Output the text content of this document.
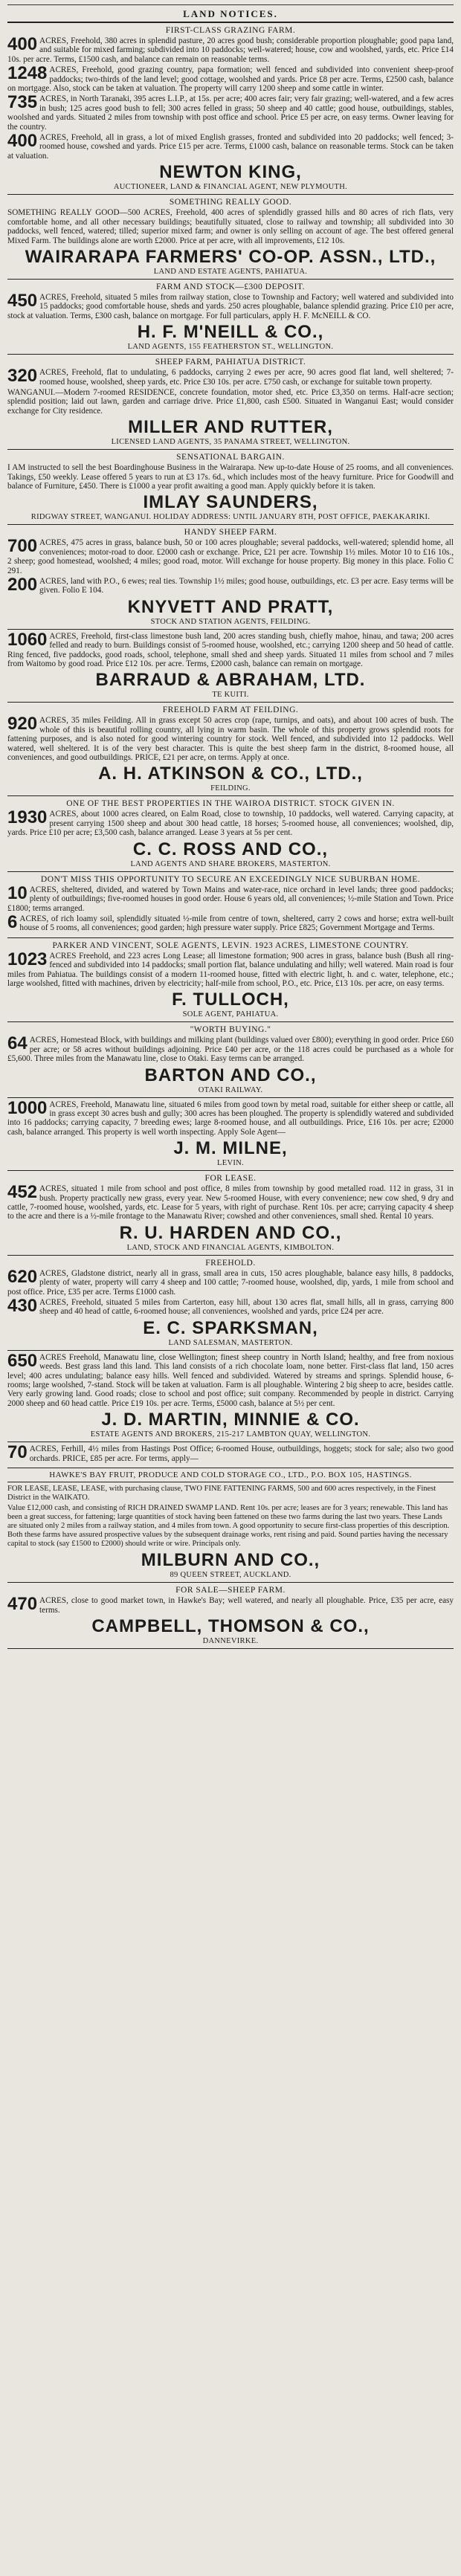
LAND NOTICES.
FIRST-CLASS GRAZING FARM.

400 ACRES, Freehold, 380 acres in splendid pasture, 20 acres good bush; considerable proportion ploughable; good papa land, and suitable for mixed farming; subdivided into 10 paddocks; well-watered; house, cow and woolshed, yards, etc. Price £14 10s. per acre. Terms, £1500 cash, and balance can remain on reasonable terms.

1248 ACRES, Freehold, good grazing country, papa formation; well fenced and subdivided into convenient sheep-proof paddocks; two-thirds of the land level; good cottage, woolshed and yards. Price £8 per acre. Terms, £2500 cash, balance on mortgage. Also, stock can be taken at valuation. The property will carry 1200 sheep and some cattle in winter.

735 ACRES, in North Taranaki, 395 acres L.I.P., at 15s. per acre; 400 acres fair; very fair grazing; well-watered, and a few acres in bush; 125 acres good bush to fell; 300 acres felled in grass; 50 sheep and 40 cattle; good house, outbuildings, stables, woolshed and yards. Situated 2 miles from township with post office and school. Price £5 per acre, on easy terms. Owner leaving for the country.

400 ACRES, Freehold, all in grass, a lot of mixed English grasses, fronted and subdivided into 20 paddocks; well fenced; 3-roomed house, cowshed and yards. Price £15 per acre. Terms, £1000 cash, balance on reasonable terms. Stock can be taken at valuation.

NEWTON KING,

AUCTIONEER, LAND & FINANCIAL AGENT, NEW PLYMOUTH.

SOMETHING REALLY GOOD.

SOMETHING REALLY GOOD—500 ACRES, Freehold, 400 acres of splendidly grassed hills and 80 acres of rich flats, very comfortable home, and all other necessary buildings; beautifully situated, close to railway and township; all subdivided into 30 paddocks, well fenced, watered; tilled; superior mixed farm; and owner is only selling on account of age. The best offered general Mixed Farm. The buildings alone are worth £2000. Price at per acre, with all improvements, £12 10s.

WAIRARAPA FARMERS' CO-OP. ASSN., LTD.,

LAND AND ESTATE AGENTS, PAHIATUA.

FARM AND STOCK—£300 DEPOSIT.

450 ACRES, Freehold, situated 5 miles from railway station, close to Township and Factory; well watered and subdivided into 15 paddocks; good comfortable house, sheds and yards. 250 acres ploughable, balance splendid grazing. Price £10 per acre, stock at valuation. Terms, £300 cash, balance on mortgage. For full particulars, apply H. F. McNEILL & CO.

H. F. M'NEILL & CO.,

LAND AGENTS, 155 FEATHERSTON ST., WELLINGTON.

SHEEP FARM, PAHIATUA DISTRICT.

320 ACRES, Freehold, flat to undulating, 6 paddocks, carrying 2 ewes per acre, 90 acres good flat land, well sheltered; 7-roomed house, woolshed, sheep yards, etc. Price £30 10s. per acre. £750 cash, or exchange for suitable town property.

WANGANUI.—Modern 7-roomed RESIDENCE, concrete foundation, motor shed, etc. Price £3,350 on terms. Half-acre section; splendid position; laid out lawn, garden and carriage drive. Price £1,800, cash £500. Situated in Wanganui East; would consider exchange for City residence.

MILLER AND RUTTER,

LICENSED LAND AGENTS, 35 PANAMA STREET, WELLINGTON.

SENSATIONAL BARGAIN.

I AM instructed to sell the best Boardinghouse Business in the Wairarapa. New up-to-date House of 25 rooms, and all conveniences. Takings, £50 weekly. Lease offered 5 years to run at £3 17s. 6d., which includes most of the heavy furniture. Price for Goodwill and balance of Furniture, £450. There is £1000 a year profit awaiting a good man. Apply quickly before it is taken.

IMLAY SAUNDERS,

RIDGWAY STREET, WANGANUI. HOLIDAY ADDRESS: UNTIL JANUARY 8TH, POST OFFICE, PAEKAKARIKI.

HANDY SHEEP FARM.

700 ACRES, 475 acres in grass, balance bush, 50 or 100 acres ploughable; several paddocks, well-watered; splendid home, all conveniences; motor-road to door. £2000 cash or exchange. Price, £21 per acre. Township 1½ miles. Motor 10 to £16 10s., 2 sheep; good homestead, woolshed; 4 miles; good road, motor. Will exchange for house property. Big money in this place. Folio C 291.

200 ACRES, land with P.O., 6 ewes; real ties. Township 1½ miles; good house, outbuildings, etc. £3 per acre. Easy terms will be given. Folio E 104.

KNYVETT AND PRATT,

STOCK AND STATION AGENTS, FEILDING.

1060 ACRES, Freehold, first-class limestone bush land, 200 acres standing bush, chiefly mahoe, hinau, and tawa; 200 acres felled and ready to burn. Buildings consist of 5-roomed house, woolshed, etc.; carrying 1200 sheep and 50 head of cattle. Ring fenced, five paddocks, good roads, school, telephone, small shed and sheep yards. Situated 11 miles from school and 7 miles from Waitomo by good road. Price £12 10s. per acre. Terms, £2000 cash, balance can remain on mortgage.

BARRAUD & ABRAHAM, LTD.

TE KUITI.

FREEHOLD FARM AT FEILDING.

920 ACRES, 35 miles Feilding. All in grass except 50 acres crop (rape, turnips, and oats), and about 100 acres of bush. The whole of this is beautiful rolling country, all lying in warm basin. The whole of this property grows splendid roots for fattening purposes, and is also noted for good wintering country for stock. Well fenced, and subdivided into 12 paddocks. Well watered, well sheltered. It is of the very best character. This is quite the best sheep farm in the district, 8-roomed house, all conveniences, and good outbuildings. PRICE, £21 per acre, on terms. Apply at once.

A. H. ATKINSON & CO., LTD.,

FEILDING.

ONE OF THE BEST PROPERTIES IN THE WAIROA DISTRICT. STOCK GIVEN IN.

1930 ACRES, about 1000 acres cleared, on Ealm Road, close to township, 10 paddocks, well watered. Carrying capacity, at present carrying 1500 sheep and about 300 head cattle, 18 horses; 5-roomed house, all conveniences; woolshed, dip, yards. Price £10 per acre; £3,500 cash, balance arranged. Lease 3 years at 5s per cent.

C. C. ROSS AND CO.,

LAND AGENTS AND SHARE BROKERS, MASTERTON.

DON'T MISS THIS OPPORTUNITY TO SECURE AN EXCEEDINGLY NICE SUBURBAN HOME.

10 ACRES, sheltered, divided, and watered by Town Mains and water-race, nice orchard in level lands; three good paddocks; plenty of outbuildings; five-roomed houses in good order. House 6 years old, all conveniences; ½-mile Station and Town. Price £1800; terms arranged.

6 ACRES, of rich loamy soil, splendidly situated ½-mile from centre of town, sheltered, carry 2 cows and horse; extra well-built house of 5 rooms, all conveniences; good garden; high pressure water supply. Price £825; Government Mortgage and Terms.

PARKER AND VINCENT, SOLE AGENTS, LEVIN. 1923 ACRES, LIMESTONE COUNTRY.

1023 ACRES Freehold, and 223 acres Long Lease; all limestone formation; 900 acres in grass, balance bush (Bush all ring-fenced and subdivided into 14 paddocks; small portion flat, balance undulating and hilly; well watered. Main road is four miles from Pahiatua. The buildings consist of a modern 11-roomed house, fitted with electric light, h. and c. water, telephone, etc.; large woolshed, fitted with machines, driven by electricity; half-mile from school, P.O., etc. Price, £13 10s. per acre, on easy terms.

F. TULLOCH,

SOLE AGENT, PAHIATUA.

"WORTH BUYING."

64 ACRES, Homestead Block, with buildings and milking plant (buildings valued over £800); everything in good order. Price £60 per acre; or 58 acres without buildings adjoining. Price £40 per acre, or the 118 acres could be purchased as a whole for £5,600. Three miles from the Manawatu line, close to Otaki. Easy terms can be arranged.

BARTON AND CO.,

OTAKI RAILWAY.

1000 ACRES, Freehold, Manawatu line, situated 6 miles from good town by metal road, suitable for either sheep or cattle, all in grass except 30 acres bush and gully; 300 acres has been ploughed. The property is splendidly watered and subdivided into 16 paddocks; carrying capacity, 7 breeding ewes; large 8-roomed house, and all outbuildings. Price, £16 10s. per acre; £2000 cash, balance arranged. This property is well worth inspecting. Apply Sole Agent—

J. M. MILNE,

LEVIN.

FOR LEASE.

452 ACRES, situated 1 mile from school and post office, 8 miles from township by good metalled road. 112 in grass, 31 in bush. Property practically new grass, every year. New 5-roomed House, with every convenience; new cow shed, 9 dry and cattle, 7-roomed house, woolshed, yards, etc. Lease for 5 years, with right of purchase. Rent 10s. per acre; carrying capacity 4 sheep to the acre and there is a ½-mile frontage to the Manawatu River; cowshed and other conveniences, small shed. Rental 10 years.

R. U. HARDEN AND CO.,

LAND, STOCK AND FINANCIAL AGENTS, KIMBOLTON.

FREEHOLD.

620 ACRES, Gladstone district, nearly all in grass, small area in cuts, 150 acres ploughable, balance easy hills, 8 paddocks, plenty of water, property will carry 4 sheep and 100 cattle; 7-roomed house, woolshed, dip, yards, 1 mile from school and post office. Price, £35 per acre. Terms £1000 cash.

430 ACRES, Freehold, situated 5 miles from Carterton, easy hill, about 130 acres flat, small hills, all in grass, carrying 800 sheep and 40 head of cattle, 6-roomed house; all conveniences, woolshed and yards, price £24 per acre.

E. C. SPARKSMAN,

LAND SALESMAN, MASTERTON.

650 ACRES Freehold, Manawatu line, close Wellington; finest sheep country in North Island; healthy, and free from noxious weeds. Best grass land this land. This land consists of a rich chocolate loam, none better. First-class flat land, 150 acres level; 400 acres undulating; balance easy hills. Well fenced and subdivided. Watered by streams and springs. Splendid house, 6-rooms; large woolshed, 7-stand. Stock will be taken at valuation. Farm is all ploughable. Wintering 2 big sheep to acre, besides cattle. Very early growing land. Good roads; close to school and post office; suit company. Recommended by people in district. Carrying 2000 sheep and 60 head cattle. Price £19 10s. per acre. Terms, £5000 cash, balance at 5½ per cent.

J. D. MARTIN, MINNIE & CO.

ESTATE AGENTS AND BROKERS, 215-217 LAMBTON QUAY, WELLINGTON.

70 ACRES, Ferhill, 4½ miles from Hastings Post Office; 6-roomed House, outbuildings, hoggets; stock for sale; also two good orchards. PRICE, £85 per acre. For terms, apply—

HAWKE'S BAY FRUIT, PRODUCE AND COLD STORAGE CO., LTD., P.O. BOX 105, HASTINGS.

FOR LEASE, LEASE, LEASE, with purchasing clause, TWO FINE FATTENING FARMS, 500 and 600 acres respectively, in the Finest District in the WAIKATO.

Value £12,000 cash, and consisting of RICH DRAINED SWAMP LAND. Rent 10s. per acre; leases are for 3 years; renewable. This land has been a great success, for fattening; large quantities of stock having been fattened on these two farms during the last two years. These Lands are situated only 2 miles from a railway station, and 4 miles from town. A good opportunity to secure first-class properties of this description. Both these farms have assured prospective values by the subsequent drainage works, rent rising and paid. Sound parties having the necessary capital to stock (say £1500 to £2000) should write or wire. Principals only.

MILBURN AND CO.,

89 QUEEN STREET, AUCKLAND.

FOR SALE—SHEEP FARM.

470 ACRES, close to good market town, in Hawke's Bay; well watered, and nearly all ploughable. Price, £35 per acre, easy terms.

CAMPBELL, THOMSON & CO.,

DANNEVIRKE.
